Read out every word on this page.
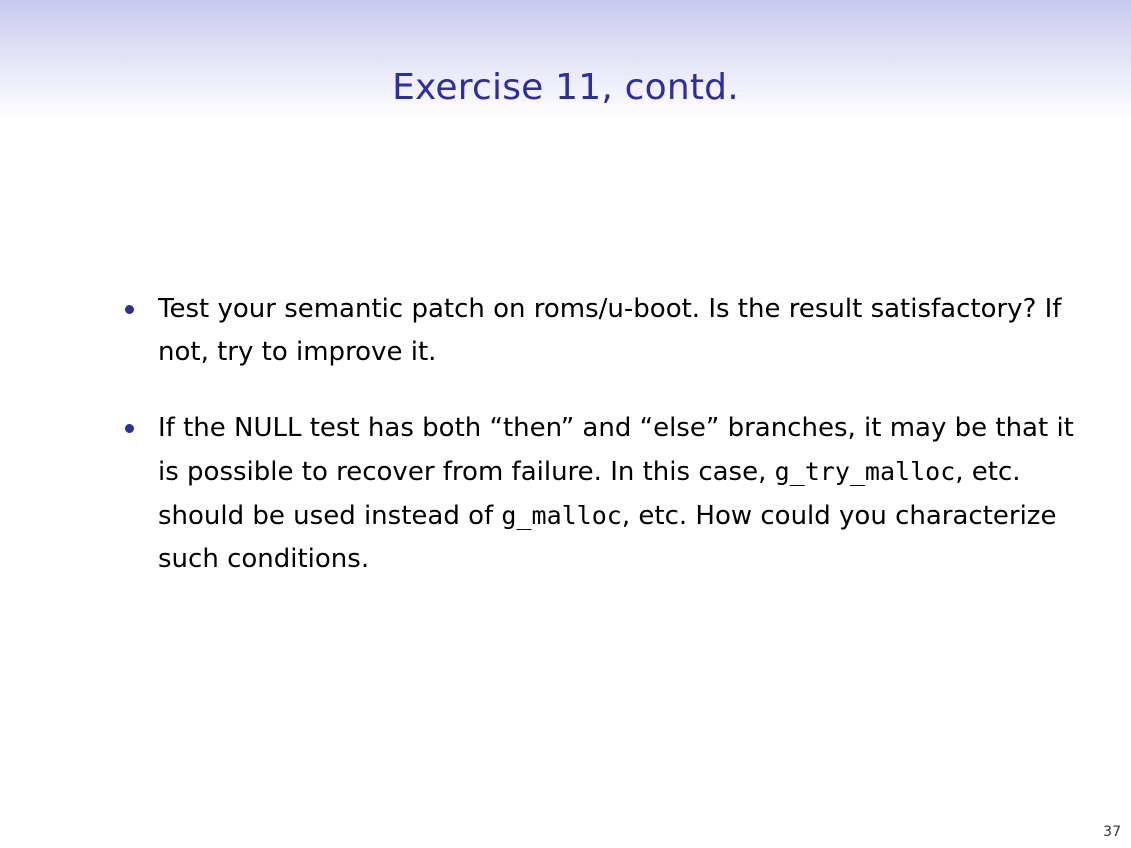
Exercise 11, contd.
Test your semantic patch on roms/u-boot. Is the result satisfactory? If not, try to improve it.
If the NULL test has both “then” and “else” branches, it may be that it is possible to recover from failure. In this case, g_try_malloc, etc. should be used instead of g_malloc, etc. How could you characterize such conditions.
37
